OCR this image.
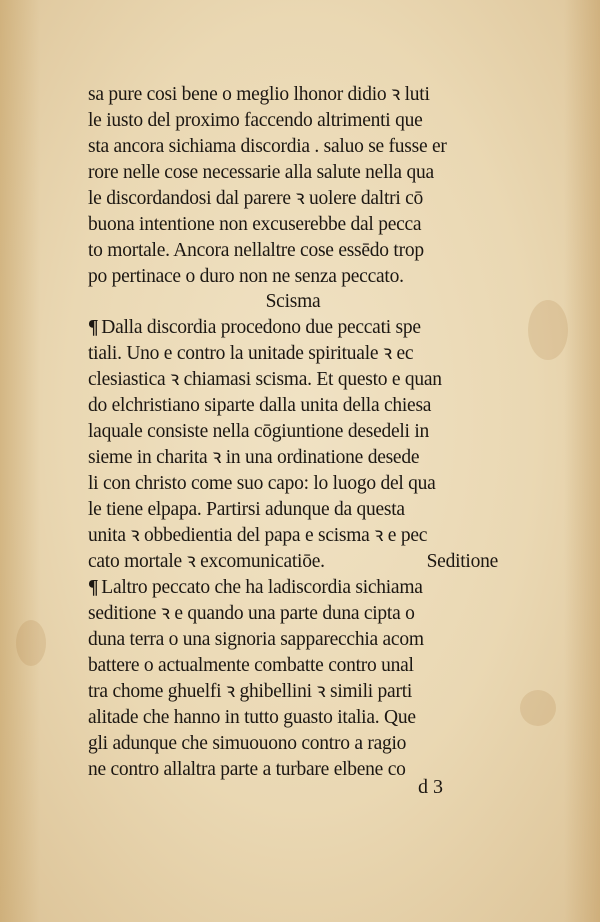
sa pure cosi bene o meglio lhonor didio ꝛ luti
le iusto del proximo faccendo altrimenti que
sta ancora sichiama discordia . saluo se fusse er
rore nelle cose necessarie alla salute nella qua
le discordandosi dal parere ꝛ uolere daltri cō
buona intentione non excuserebbe dal pecca
to mortale. Ancora nellaltre cose essēdo trop
po pertinace o duro non ne senza peccato.
Scisma
¶ Dalla discordia procedono due peccati spe
tiali. Uno e contro la unitade spirituale ꝛ ec
clesiastica ꝛ chiamasi scisma. Et questo e quan
do elchristiano siparte dalla unita della chiesa
laquale consiste nella cōgiuntione desedeli in
sieme in charita ꝛ in una ordinatione desede
li con christo come suo capo: lo luogo del qua
le tiene elpapa. Partirsi adunque da questa
unita ꝛ obbedientia del papa e scisma ꝛ e pec
cato mortale ꝛ excomunicatiōe.	Seditione
¶ Laltro peccato che ha ladiscordia sichiama
seditione ꝛ e quando una parte duna cipta o
duna terra o una signoria sapparecchia acom
battere o actualmente combatte contro unal
tra chome ghuelfi ꝛ ghibellini ꝛ simili parti
alitade che hanno in tutto guasto italia. Que
gli adunque che simuouono contro a ragio
ne contro allaltra parte a turbare elbene co
d 3
